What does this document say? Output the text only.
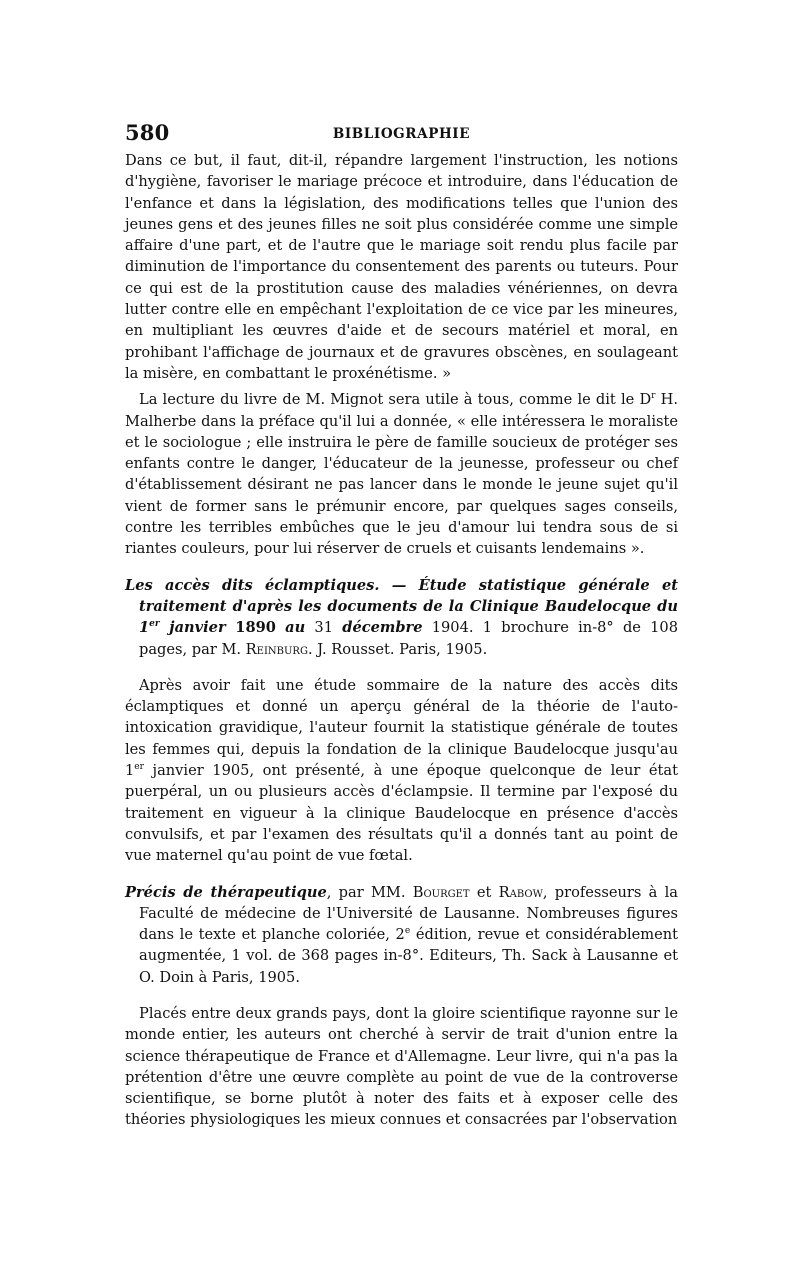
580	BIBLIOGRAPHIE

Dans ce but, il faut, dit-il, répandre largement l'instruction, les notions d'hygiène, favoriser le mariage précoce et introduire, dans l'éducation de l'enfance et dans la législation, des modifications telles que l'union des jeunes gens et des jeunes filles ne soit plus considérée comme une simple affaire d'une part, et de l'autre que le mariage soit rendu plus facile par diminution de l'importance du consentement des parents ou tuteurs. Pour ce qui est de la prostitution cause des maladies vénériennes, on devra lutter contre elle en empêchant l'exploitation de ce vice par les mineures, en multipliant les œuvres d'aide et de secours matériel et moral, en prohibant l'affichage de journaux et de gravures obscènes, en soulageant la misère, en combattant le proxénétisme. »

La lecture du livre de M. Mignot sera utile à tous, comme le dit le $D^r$ H. Malherbe dans la préface qu'il lui a donnée, « elle intéressera le moraliste et le sociologue ; elle instruira le père de famille soucieux de protéger ses enfants contre le danger, l'éducateur de la jeunesse, professeur ou chef d'établissement désirant ne pas lancer dans le monde le jeune sujet qu'il vient de former sans le prémunir encore, par quelques sages conseils, contre les terribles embûches que le jeu d'amour lui tendra sous de si riantes couleurs, pour lui réserver de cruels et cuisants lendemains ».

Les accès dits éclamptiques. — Étude statistique générale et traitement d'après les documents de la Clinique Baudelocque du 1er janvier 1890 au 31 décembre 1904. 1 brochure in-8° de 108 pages, par M. Reinburg. J. Rousset. Paris, 1905.

Après avoir fait une étude sommaire de la nature des accès dits éclamptiques et donné un aperçu général de la théorie de l'auto-intoxication gravidique, l'auteur fournit la statistique générale de toutes les femmes qui, depuis la fondation de la clinique Baudelocque jusqu'au 1er janvier 1905, ont présenté, à une époque quelconque de leur état puerpéral, un ou plusieurs accès d'éclampsie. Il termine par l'exposé du traitement en vigueur à la clinique Baudelocque en présence d'accès convulsifs, et par l'examen des résultats qu'il a donnés tant au point de vue maternel qu'au point de vue fœtal.

Précis de thérapeutique, par MM. Bourget et Rabow, professeurs à la Faculté de médecine de l'Université de Lausanne. Nombreuses figures dans le texte et planche coloriée, 2e édition, revue et considérablement augmentée, 1 vol. de 368 pages in-8°. Editeurs, Th. Sack à Lausanne et O. Doin à Paris, 1905.

Placés entre deux grands pays, dont la gloire scientifique rayonne sur le monde entier, les auteurs ont cherché à servir de trait d'union entre la science thérapeutique de France et d'Allemagne. Leur livre, qui n'a pas la prétention d'être une œuvre complète au point de vue de la controverse scientifique, se borne plutôt à noter des faits et à exposer celle des théories physiologiques les mieux connues et consacrées par l'observation
